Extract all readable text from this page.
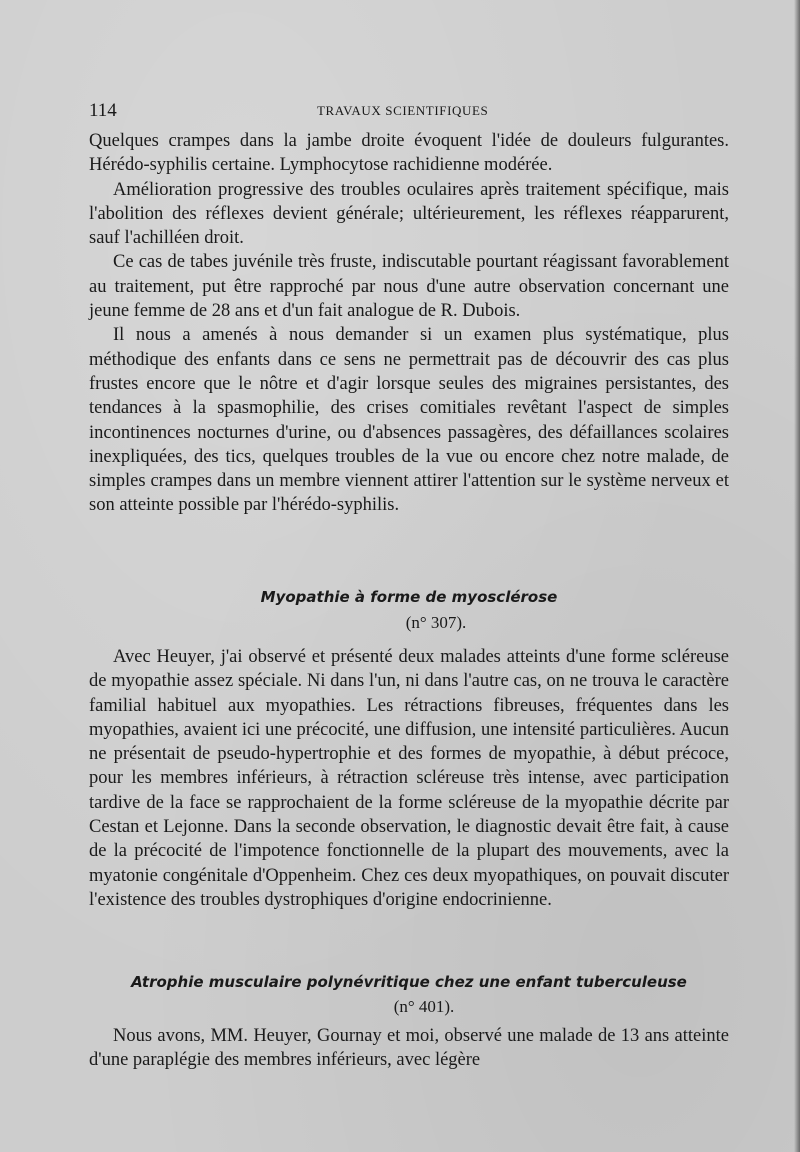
114	TRAVAUX SCIENTIFIQUES

Quelques crampes dans la jambe droite évoquent l'idée de douleurs fulgurantes. Hérédo-syphilis certaine. Lymphocytose rachidienne modérée.

Amélioration progressive des troubles oculaires après traitement spécifique, mais l'abolition des réflexes devient générale; ultérieurement, les réflexes réapparurent, sauf l'achilléen droit.

Ce cas de tabes juvénile très fruste, indiscutable pourtant réagissant favorablement au traitement, put être rapproché par nous d'une autre observation concernant une jeune femme de 28 ans et d'un fait analogue de R. Dubois.

Il nous a amenés à nous demander si un examen plus systématique, plus méthodique des enfants dans ce sens ne permettrait pas de découvrir des cas plus frustes encore que le nôtre et d'agir lorsque seules des migraines persistantes, des tendances à la spasmophilie, des crises comitiales revêtant l'aspect de simples incontinences nocturnes d'urine, ou d'absences passagères, des défaillances scolaires inexpliquées, des tics, quelques troubles de la vue ou encore chez notre malade, de simples crampes dans un membre viennent attirer l'attention sur le système nerveux et son atteinte possible par l'hérédo-syphilis.

Myopathie à forme de myosclérose
(n° 307).

Avec Heuyer, j'ai observé et présenté deux malades atteints d'une forme scléreuse de myopathie assez spéciale. Ni dans l'un, ni dans l'autre cas, on ne trouva le caractère familial habituel aux myopathies. Les rétractions fibreuses, fréquentes dans les myopathies, avaient ici une précocité, une diffusion, une intensité particulières. Aucun ne présentait de pseudo-hypertrophie et des formes de myopathie, à début précoce, pour les membres inférieurs, à rétraction scléreuse très intense, avec participation tardive de la face se rapprochaient de la forme scléreuse de la myopathie décrite par Cestan et Lejonne. Dans la seconde observation, le diagnostic devait être fait, à cause de la précocité de l'impotence fonctionnelle de la plupart des mouvements, avec la myatonie congénitale d'Oppenheim. Chez ces deux myopathiques, on pouvait discuter l'existence des troubles dystrophiques d'origine endocrinienne.

Atrophie musculaire polynévritique chez une enfant tuberculeuse
(n° 401).

Nous avons, MM. Heuyer, Gournay et moi, observé une malade de 13 ans atteinte d'une paraplégie des membres inférieurs, avec légère
